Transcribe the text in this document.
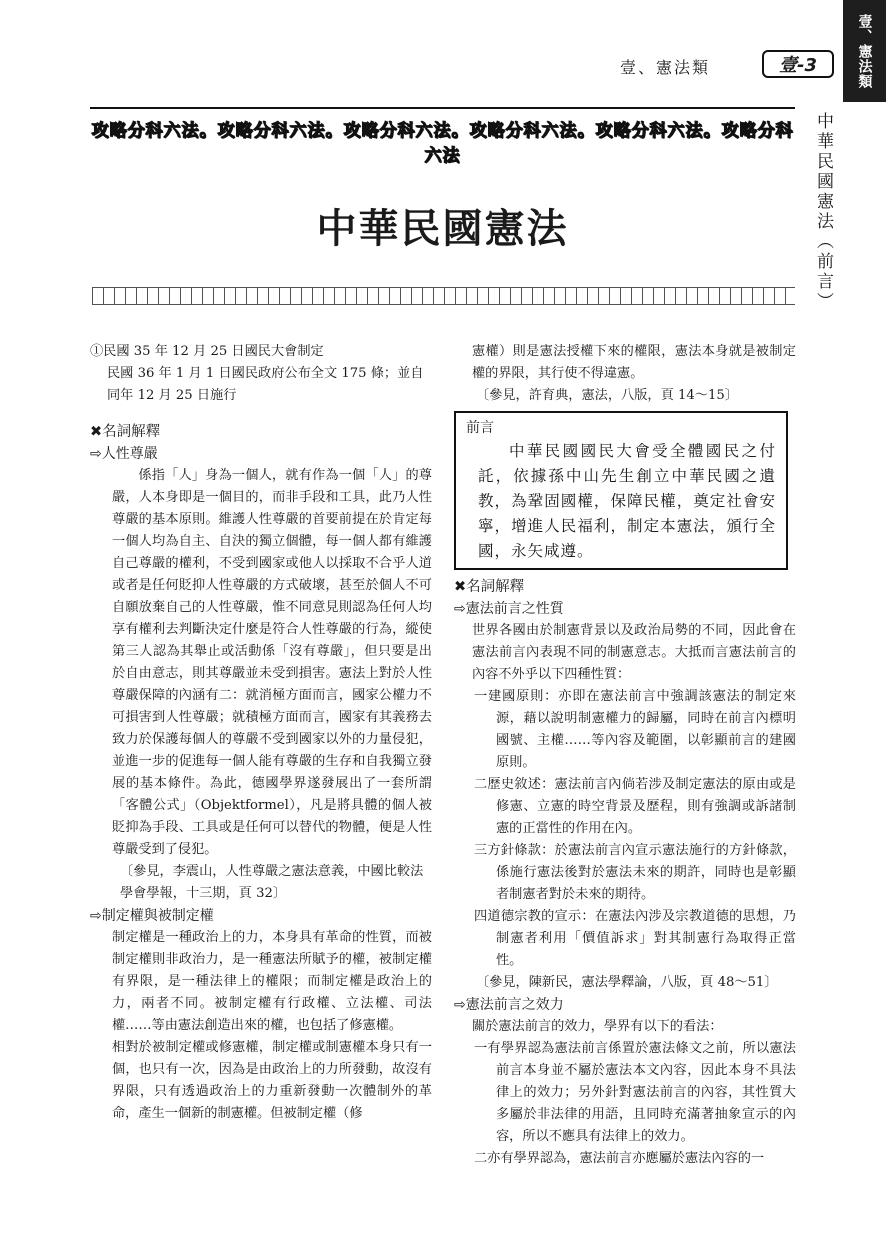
壹、憲法類
壹、憲法類	壹-3
攻略分科六法。攻略分科六法。攻略分科六法。攻略分科六法。攻略分科六法。攻略分科六法	中華民國憲法（前言）
中華民國憲法

①民國 35 年 12 月 25 日國民大會制定

民國 36 年 1 月 1 日國民政府公布全文 175 條；並自同年 12 月 25 日施行

✖名詞解釋

⇨人性尊嚴

係指「人」身為一個人，就有作為一個「人」的尊嚴，人本身即是一個目的，而非手段和工具，此乃人性尊嚴的基本原則。維護人性尊嚴的首要前提在於肯定每一個人均為自主、自決的獨立個體，每一個人都有維護自己尊嚴的權利，不受到國家或他人以採取不合乎人道或者是任何貶抑人性尊嚴的方式破壞，甚至於個人不可自願放棄自己的人性尊嚴，惟不同意見則認為任何人均享有權利去判斷決定什麼是符合人性尊嚴的行為，縱使第三人認為其舉止或活動係「沒有尊嚴」，但只要是出於自由意志，則其尊嚴並未受到損害。憲法上對於人性尊嚴保障的內涵有二：就消極方面而言，國家公權力不可損害到人性尊嚴；就積極方面而言，國家有其義務去致力於保護每個人的尊嚴不受到國家以外的力量侵犯，並進一步的促進每一個人能有尊嚴的生存和自我獨立發展的基本條件。為此，德國學界遂發展出了一套所謂「客體公式」（Objektformel），凡是將具體的個人被貶抑為手段、工具或是任何可以替代的物體，便是人性尊嚴受到了侵犯。

〔參見，李震山，人性尊嚴之憲法意義，中國比較法學會學報，十三期，頁 32〕

⇨制定權與被制定權

制定權是一種政治上的力，本身具有革命的性質，而被制定權則非政治力，是一種憲法所賦予的權，被制定權有界限，是一種法律上的權限；而制定權是政治上的力，兩者不同。被制定權有行政權、立法權、司法權……等由憲法創造出來的權，也包括了修憲權。

相對於被制定權或修憲權，制定權或制憲權本身只有一個，也只有一次，因為是由政治上的力所發動，故沒有界限，只有透過政治上的力重新發動一次體制外的革命，產生一個新的制憲權。但被制定權（修

憲權）則是憲法授權下來的權限，憲法本身就是被制定權的界限，其行使不得違憲。

〔參見，許育典，憲法，八版，頁 14～15〕

前言
中華民國國民大會受全體國民之付託，依據孫中山先生創立中華民國之遺教，為鞏固國權，保障民權，奠定社會安寧，增進人民福利，制定本憲法，頒行全國，永矢咸遵。

✖名詞解釋

⇨憲法前言之性質

世界各國由於制憲背景以及政治局勢的不同，因此會在憲法前言內表現不同的制憲意志。大抵而言憲法前言的內容不外乎以下四種性質：

一建國原則：亦即在憲法前言中強調該憲法的制定來源，藉以說明制憲權力的歸屬，同時在前言內標明國號、主權……等內容及範圍，以彰顯前言的建國原則。

二歷史敘述：憲法前言內倘若涉及制定憲法的原由或是修憲、立憲的時空背景及歷程，則有強調或訴諸制憲的正當性的作用在內。

三方針條款：於憲法前言內宣示憲法施行的方針條款，係施行憲法後對於憲法未來的期許，同時也是彰顯者制憲者對於未來的期待。

四道德宗教的宣示：在憲法內涉及宗教道德的思想，乃制憲者利用「價值訴求」對其制憲行為取得正當性。

〔參見，陳新民，憲法學釋論，八版，頁 48～51〕

⇨憲法前言之效力

關於憲法前言的效力，學界有以下的看法：

一有學界認為憲法前言係置於憲法條文之前，所以憲法前言本身並不屬於憲法本文內容，因此本身不具法律上的效力；另外針對憲法前言的內容，其性質大多屬於非法律的用語，且同時充滿著抽象宣示的內容，所以不應具有法律上的效力。

二亦有學界認為，憲法前言亦應屬於憲法內容的一
